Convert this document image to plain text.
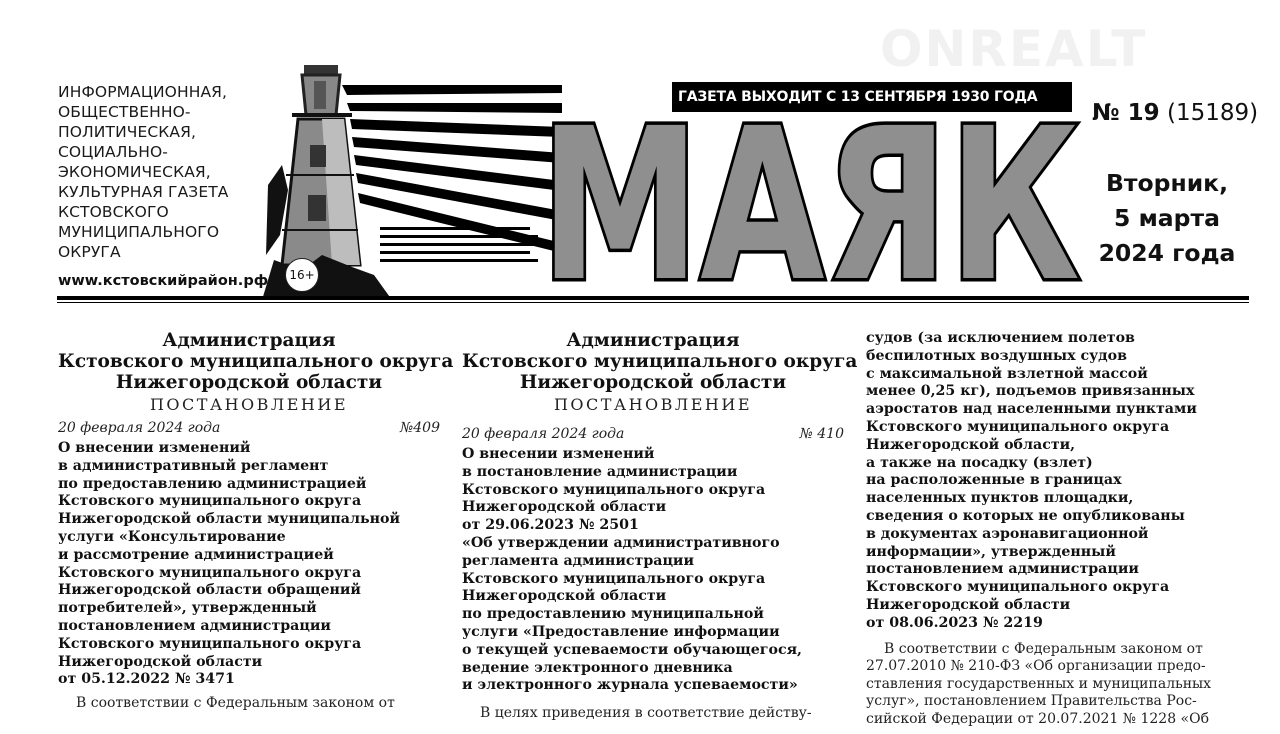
ONREALT
ИНФОРМАЦИОННАЯ,
ОБЩЕСТВЕННО-
ПОЛИТИЧЕСКАЯ,
СОЦИАЛЬНО-
ЭКОНОМИЧЕСКАЯ,
КУЛЬТУРНАЯ ГАЗЕТА
КСТОВСКОГО
МУНИЦИПАЛЬНОГО
ОКРУГА
16+
www.кстовскийрайон.рф
ГАЗЕТА ВЫХОДИТ С 13 СЕНТЯБРЯ 1930 ГОДА
МАЯК № 19 (15189)
Вторник,
5 марта
2024 года
Администрация
Кстовского муниципального округа
Нижегородской области
ПОСТАНОВЛЕНИЕ
20 февраля 2024 года	№409
О внесении изменений
в административный регламент
по предоставлению администрацией
Кстовского муниципального округа
Нижегородской области муниципальной
услуги «Консультирование
и рассмотрение администрацией
Кстовского муниципального округа
Нижегородской области обращений
потребителей», утвержденный
постановлением администрации
Кстовского муниципального округа
Нижегородской области
от 05.12.2022 № 3471
В соответствии с Федеральным законом от
Администрация
Кстовского муниципального округа
Нижегородской области
ПОСТАНОВЛЕНИЕ
20 февраля 2024 года	№ 410
О внесении изменений
в постановление администрации
Кстовского муниципального округа
Нижегородской области
от 29.06.2023 № 2501
«Об утверждении административного
регламента администрации
Кстовского муниципального округа
Нижегородской области
по предоставлению муниципальной
услуги «Предоставление информации
о текущей успеваемости обучающегося,
ведение электронного дневника
и электронного журнала успеваемости»
В целях приведения в соответствие действу-
судов (за исключением полетов
беспилотных воздушных судов
с максимальной взлетной массой
менее 0,25 кг), подъемов привязанных
аэростатов над населенными пунктами
Кстовского муниципального округа
Нижегородской области,
а также на посадку (взлет)
на расположенные в границах
населенных пунктов площадки,
сведения о которых не опубликованы
в документах аэронавигационной
информации», утвержденный
постановлением администрации
Кстовского муниципального округа
Нижегородской области
от 08.06.2023 № 2219
В соответствии с Федеральным законом от
27.07.2010 № 210-ФЗ «Об организации предо-
ставления государственных и муниципальных
услуг», постановлением Правительства Рос-
сийской Федерации от 20.07.2021 № 1228 «Об
